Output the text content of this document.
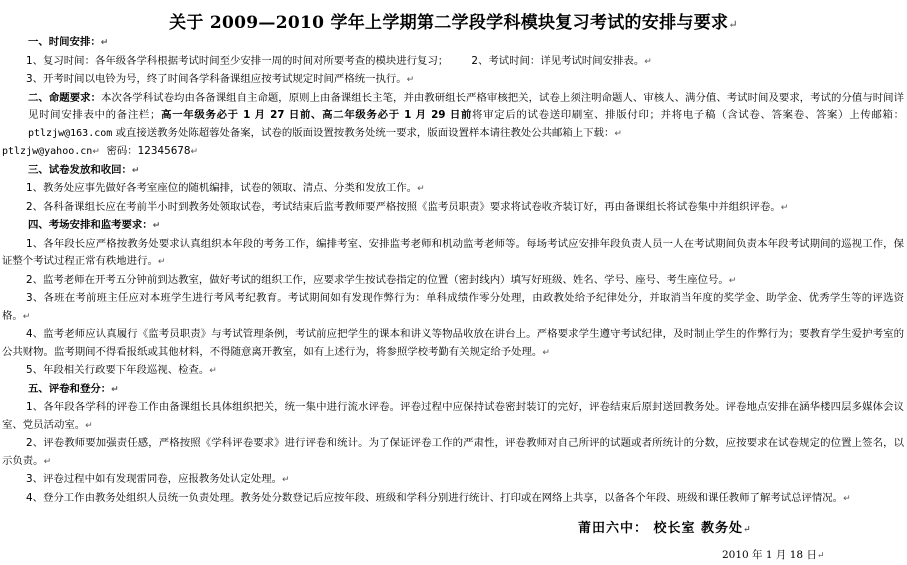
关于 2009—2010 学年上学期第二学段学科模块复习考试的安排与要求↵

一、时间安排：↵

1、复习时间：各年级各学科根据考试时间至少安排一周的时间对所要考查的模块进行复习； 2、考试时间：详见考试时间安排表。↵

3、开考时间以电铃为号，终了时间各学科备课组应按考试规定时间严格统一执行。↵

二、命题要求：本次各学科试卷均由各备课组自主命题，原则上由备课组长主笔，并由教研组长严格审核把关，试卷上须注明命题人、审核人、满分值、考试时间及要求，考试的分值与时间详见时间安排表中的备注栏；高一年级务必于 1 月 27 日前、高二年级务必于 1 月 29 日前将审定后的试卷送印刷室、排版付印；并将电子稿（含试卷、答案卷、答案）上传邮箱：ptlzjw@163.com 或直接送教务处陈超蓉处备案，试卷的版面设置按教务处统一要求，版面设置样本请往教处公共邮箱上下载：↵

ptlzjw@yahoo.cn↵ 密码：12345678↵

三、试卷发放和收回：↵

1、教务处应事先做好各考室座位的随机编排，试卷的领取、清点、分类和发放工作。↵

2、各科备课组长应在考前半小时到教务处领取试卷，考试结束后监考教师要严格按照《监考员职责》要求将试卷收齐装订好，再由备课组长将试卷集中并组织评卷。↵

四、考场安排和监考要求：↵

1、各年段长应严格按教务处要求认真组织本年段的考务工作，编排考室、安排监考老师和机动监考老师等。每场考试应安排年段负责人员一人在考试期间负责本年段考试期间的巡视工作，保证整个考试过程正常有秩地进行。↵

2、监考老师在开考五分钟前到达教室，做好考试的组织工作，应要求学生按试卷指定的位置（密封线内）填写好班级、姓名、学号、座号、考生座位号。↵

3、各班在考前班主任应对本班学生进行考风考纪教育。考试期间如有发现作弊行为：单科成绩作零分处理，由政教处给予纪律处分，并取消当年度的奖学金、助学金、优秀学生等的评选资格。↵

4、监考老师应认真履行《监考员职责》与考试管理条例，考试前应把学生的课本和讲义等物品收放在讲台上。严格要求学生遵守考试纪律，及时制止学生的作弊行为；要教育学生爱护考室的公共财物。监考期间不得看报纸或其他材料，不得随意离开教室，如有上述行为，将参照学校考勤有关规定给予处理。↵

5、年段相关行政要下年段巡视、检查。↵

五、评卷和登分：↵

1、各年段各学科的评卷工作由备课组长具体组织把关，统一集中进行流水评卷。评卷过程中应保持试卷密封装订的完好，评卷结束后原封送回教务处。评卷地点安排在涵华楼四层多媒体会议室、党员活动室。↵

2、评卷教师要加强责任感，严格按照《学科评卷要求》进行评卷和统计。为了保证评卷工作的严肃性，评卷教师对自己所评的试题或者所统计的分数，应按要求在试卷规定的位置上签名，以示负责。↵

3、评卷过程中如有发现雷同卷，应报教务处认定处理。↵

4、登分工作由教务处组织人员统一负责处理。教务处分数登记后应按年段、班级和学科分别进行统计、打印或在网络上共享，以备各个年段、班级和课任教师了解考试总评情况。↵

莆田六中： 校长室 教务处↵
2010 年 1 月 18 日↵
